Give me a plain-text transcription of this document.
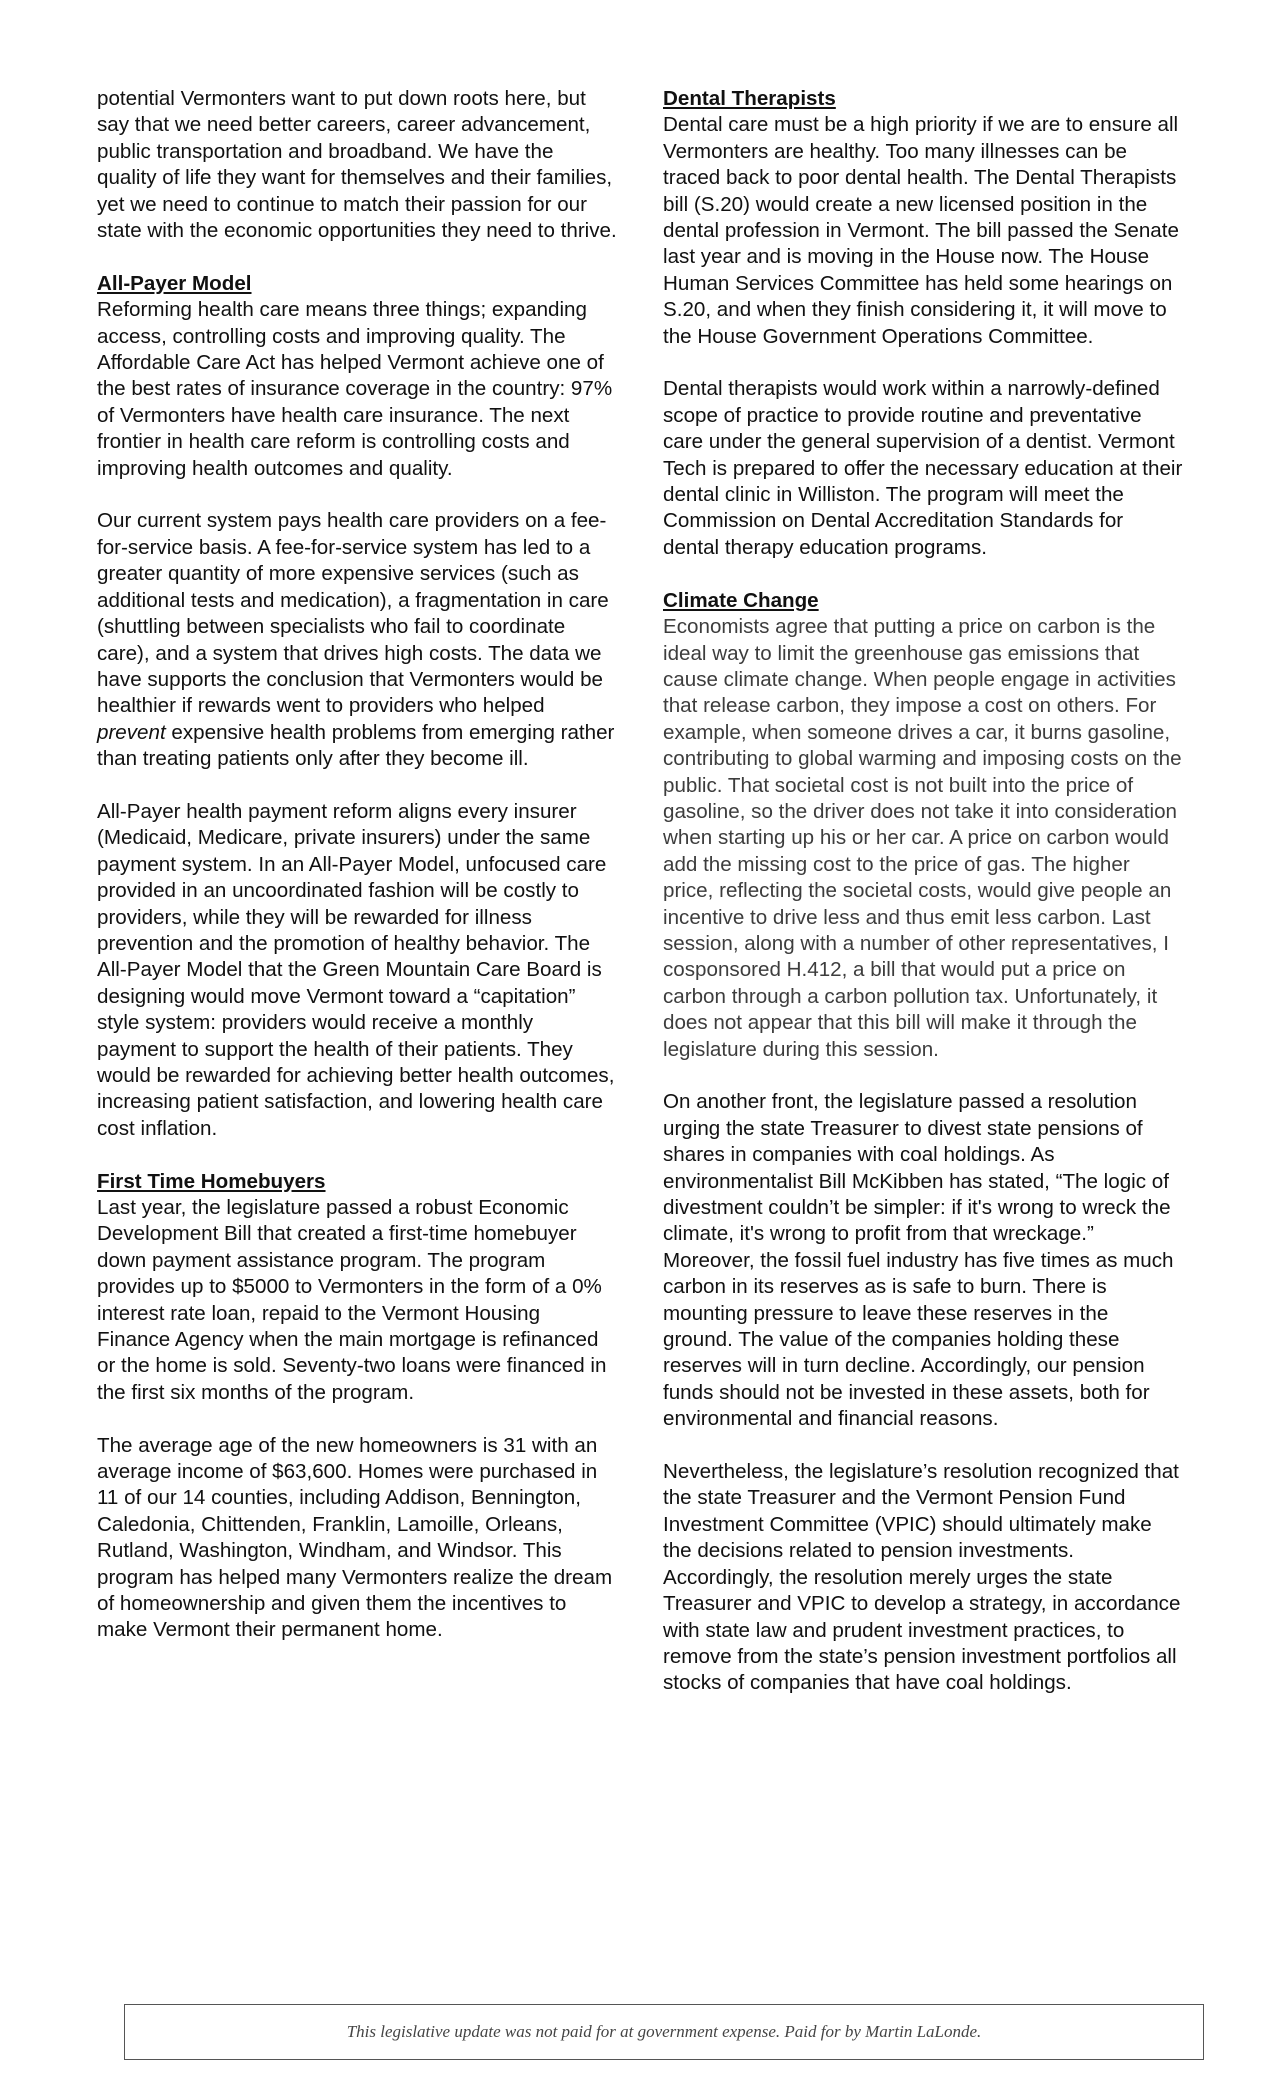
potential Vermonters want to put down roots here, but say that we need better careers, career advancement, public transportation and broadband. We have the quality of life they want for themselves and their families, yet we need to continue to match their passion for our state with the economic opportunities they need to thrive.

All-Payer Model

Reforming health care means three things; expanding access, controlling costs and improving quality. The Affordable Care Act has helped Vermont achieve one of the best rates of insurance coverage in the country: 97% of Vermonters have health care insurance. The next frontier in health care reform is controlling costs and improving health outcomes and quality.

Our current system pays health care providers on a fee-for-service basis. A fee-for-service system has led to a greater quantity of more expensive services (such as additional tests and medication), a fragmentation in care (shuttling between specialists who fail to coordinate care), and a system that drives high costs. The data we have supports the conclusion that Vermonters would be healthier if rewards went to providers who helped prevent expensive health problems from emerging rather than treating patients only after they become ill.

All-Payer health payment reform aligns every insurer (Medicaid, Medicare, private insurers) under the same payment system. In an All-Payer Model, unfocused care provided in an uncoordinated fashion will be costly to providers, while they will be rewarded for illness prevention and the promotion of healthy behavior. The All-Payer Model that the Green Mountain Care Board is designing would move Vermont toward a “capitation” style system: providers would receive a monthly payment to support the health of their patients. They would be rewarded for achieving better health outcomes, increasing patient satisfaction, and lowering health care cost inflation.

First Time Homebuyers

Last year, the legislature passed a robust Economic Development Bill that created a first-time homebuyer down payment assistance program. The program provides up to $5000 to Vermonters in the form of a 0% interest rate loan, repaid to the Vermont Housing Finance Agency when the main mortgage is refinanced or the home is sold. Seventy-two loans were financed in the first six months of the program.

The average age of the new homeowners is 31 with an average income of $63,600. Homes were purchased in 11 of our 14 counties, including Addison, Bennington, Caledonia, Chittenden, Franklin, Lamoille, Orleans, Rutland, Washington, Windham, and Windsor. This program has helped many Vermonters realize the dream of homeownership and given them the incentives to make Vermont their permanent home.

Dental Therapists

Dental care must be a high priority if we are to ensure all Vermonters are healthy. Too many illnesses can be traced back to poor dental health. The Dental Therapists bill (S.20) would create a new licensed position in the dental profession in Vermont. The bill passed the Senate last year and is moving in the House now. The House Human Services Committee has held some hearings on S.20, and when they finish considering it, it will move to the House Government Operations Committee.

Dental therapists would work within a narrowly-defined scope of practice to provide routine and preventative care under the general supervision of a dentist. Vermont Tech is prepared to offer the necessary education at their dental clinic in Williston. The program will meet the Commission on Dental Accreditation Standards for dental therapy education programs.

Climate Change

Economists agree that putting a price on carbon is the ideal way to limit the greenhouse gas emissions that cause climate change. When people engage in activities that release carbon, they impose a cost on others. For example, when someone drives a car, it burns gasoline, contributing to global warming and imposing costs on the public. That societal cost is not built into the price of gasoline, so the driver does not take it into consideration when starting up his or her car. A price on carbon would add the missing cost to the price of gas. The higher price, reflecting the societal costs, would give people an incentive to drive less and thus emit less carbon. Last session, along with a number of other representatives, I cosponsored H.412, a bill that would put a price on carbon through a carbon pollution tax. Unfortunately, it does not appear that this bill will make it through the legislature during this session.

On another front, the legislature passed a resolution urging the state Treasurer to divest state pensions of shares in companies with coal holdings. As environmentalist Bill McKibben has stated, “The logic of divestment couldn’t be simpler: if it's wrong to wreck the climate, it's wrong to profit from that wreckage.” Moreover, the fossil fuel industry has five times as much carbon in its reserves as is safe to burn. There is mounting pressure to leave these reserves in the ground. The value of the companies holding these reserves will in turn decline. Accordingly, our pension funds should not be invested in these assets, both for environmental and financial reasons.

Nevertheless, the legislature’s resolution recognized that the state Treasurer and the Vermont Pension Fund Investment Committee (VPIC) should ultimately make the decisions related to pension investments. Accordingly, the resolution merely urges the state Treasurer and VPIC to develop a strategy, in accordance with state law and prudent investment practices, to remove from the state’s pension investment portfolios all stocks of companies that have coal holdings.

This legislative update was not paid for at government expense. Paid for by Martin LaLonde.
